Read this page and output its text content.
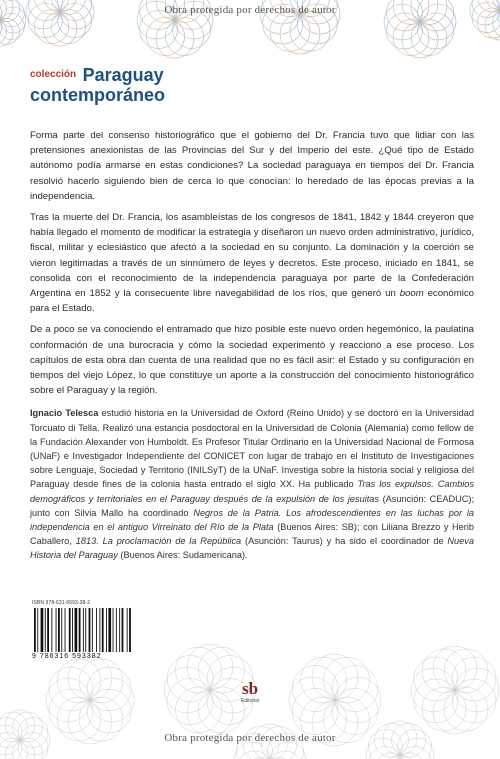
Obra protegida por derechos de autor
$^{colección}$ Paraguay
contemporáneo

Forma parte del consenso historiográfico que el gobierno del Dr. Francia tuvo que lidiar con las pretensiones anexionistas de las Provincias del Sur y del Imperio del este. ¿Qué tipo de Estado autónomo podía armarse en estas condiciones? La sociedad paraguaya en tiempos del Dr. Francia resolvió hacerlo siguiendo bien de cerca lo que conocían: lo heredado de las épocas previas a la independencia.

Tras la muerte del Dr. Francia, los asambleístas de los congresos de 1841, 1842 y 1844 creyeron que había llegado el momento de modificar la estrategia y diseñaron un nuevo orden administrativo, jurídico, fiscal, militar y eclesiástico que afectó a la sociedad en su conjunto. La dominación y la coerción se vieron legitimadas a través de un sinnúmero de leyes y decretos. Este proceso, iniciado en 1841, se consolida con el reconocimiento de la independencia paraguaya por parte de la Confederación Argentina en 1852 y la consecuente libre navegabilidad de los ríos, que generó un boom económico para el Estado.

De a poco se va conociendo el entramado que hizo posible este nuevo orden hegemónico, la paulatina conformación de una burocracia y cómo la sociedad experimentó y reaccionó a ese proceso. Los capítulos de esta obra dan cuenta de una realidad que no es fácil asir: el Estado y su configuración en tiempos del viejo López, lo que constituye un aporte a la construcción del conocimiento historiográfico sobre el Paraguay y la región.

Ignacio Telesca estudió historia en la Universidad de Oxford (Reino Unido) y se doctoró en la Universidad Torcuato di Tella. Realizó una estancia posdoctoral en la Universidad de Colonia (Alemania) como fellow de la Fundación Alexander von Humboldt. Es Profesor Titular Ordinario en la Universidad Nacional de Formosa (UNaF) e Investigador Independiente del CONICET con lugar de trabajo en el Instituto de Investigaciones sobre Lenguaje, Sociedad y Territorio (INILSyT) de la UNaF. Investiga sobre la historia social y religiosa del Paraguay desde fines de la colonia hasta entrado el siglo XX. Ha publicado Tras los expulsos. Cambios demográficos y territoriales en el Paraguay después de la expulsión de los jesuitas (Asunción: CEADUC); junto con Silvia Mallo ha coordinado Negros de la Patria. Los afrodescendientes en las luchas por la independencia en el antiguo Virreinato del Río de la Plata (Buenos Aires: SB); con Liliana Brezzo y Herib Caballero, 1813. La proclamación de la República (Asunción: Taurus) y ha sido el coordinador de Nueva Historia del Paraguay (Buenos Aires: Sudamericana).

ISBN 978-631-6593-38-2
9 786316 593382
sb
Editorial
Obra protegida por derechos de autor
